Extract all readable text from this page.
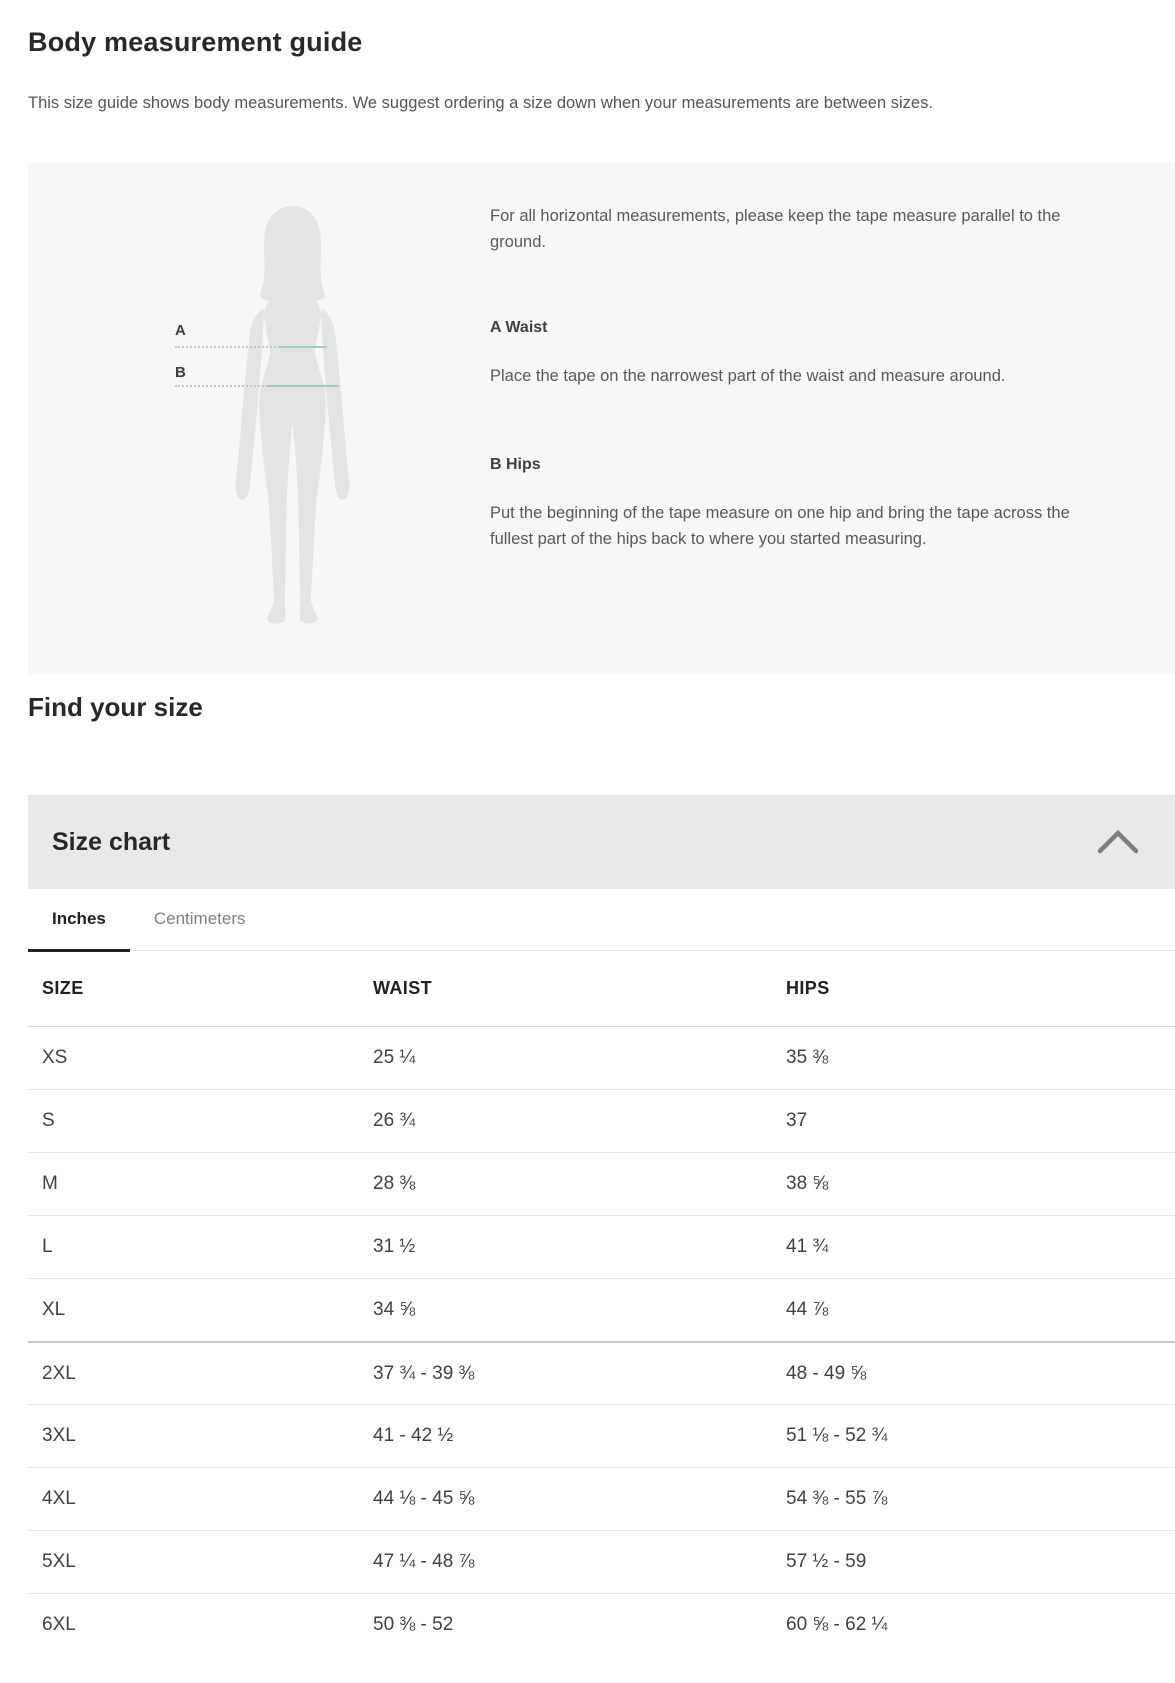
Body measurement guide

This size guide shows body measurements. We suggest ordering a size down when your measurements are between sizes.

A
B

For all horizontal measurements, please keep the tape measure parallel to the ground.

A Waist

Place the tape on the narrowest part of the waist and measure around.

B Hips

Put the beginning of the tape measure on one hip and bring the tape across the fullest part of the hips back to where you started measuring.

Find your size
Size chart
Inches	Centimeters
SIZE	WAIST	HIPS
XS	25 ¼	35 ⅜
S	26 ¾	37
M	28 ⅜	38 ⅝
L	31 ½	41 ¾
XL	34 ⅝	44 ⅞
2XL	37 ¾ - 39 ⅜	48 - 49 ⅝
3XL	41 - 42 ½	51 ⅛ - 52 ¾
4XL	44 ⅛ - 45 ⅝	54 ⅜ - 55 ⅞
5XL	47 ¼ - 48 ⅞	57 ½ - 59
6XL	50 ⅜ - 52	60 ⅝ - 62 ¼
